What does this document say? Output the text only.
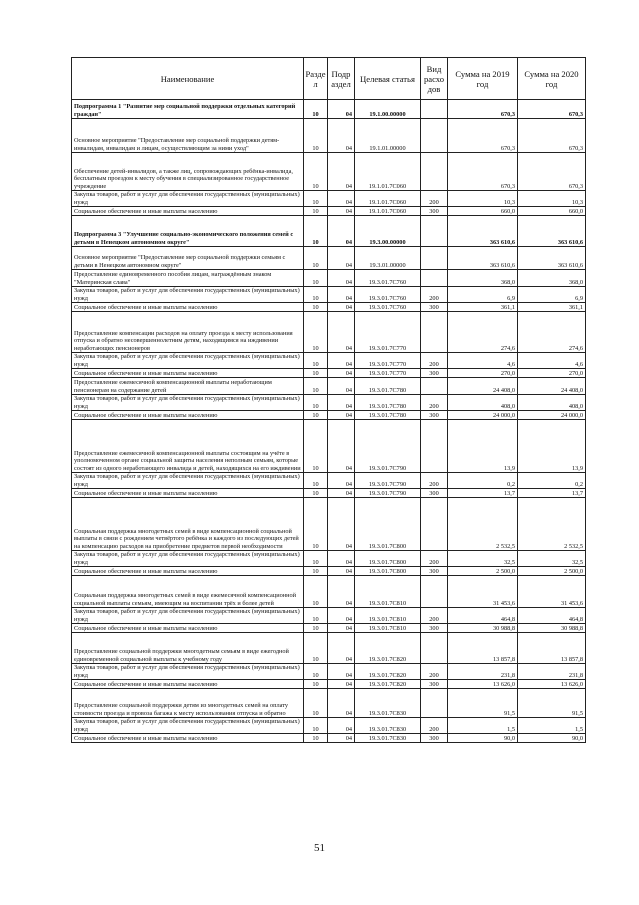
Наименование	Разде л	Подр аздел	Целевая статья	Вид расхо дов	Сумма на 2019 год	Сумма на 2020 год
Подпрограмма 1 "Развитие мер социальной поддержки отдельных категорий граждан"	10	04	19.1.00.00000		670,3	670,3
Основное мероприятие "Предоставление мер социальной поддержки детям-инвалидам, инвалидам и лицам, осуществляющим за ними уход"	10	04	19.1.01.00000		670,3	670,3
Обеспечение детей-инвалидов, а также лиц, сопровождающих ребёнка-инвалида, бесплатным проездом к месту обучения в специализированное государственное учреждение	10	04	19.1.01.7С060		670,3	670,3
Закупка товаров, работ и услуг для обеспечения государственных (муниципальных) нужд	10	04	19.1.01.7С060	200	10,3	10,3
Социальное обеспечение и иные выплаты населению	10	04	19.1.01.7С060	300	660,0	660,0
Подпрограмма 3 "Улучшение социально-экономического положения семей с детьми в Ненецком автономном округе"	10	04	19.3.00.00000		363 610,6	363 610,6
Основное мероприятие "Предоставление мер социальной поддержки семьям с детьми в Ненецком автономном округе"	10	04	19.3.01.00000		363 610,6	363 610,6
Предоставление единовременного пособия лицам, награждённым знаком "Материнская слава"	10	04	19.3.01.7С760		368,0	368,0
Закупка товаров, работ и услуг для обеспечения государственных (муниципальных) нужд	10	04	19.3.01.7С760	200	6,9	6,9
Социальное обеспечение и иные выплаты населению	10	04	19.3.01.7С760	300	361,1	361,1
Предоставление компенсации расходов на оплату проезда к месту использования отпуска и обратно несовершеннолетним детям, находящимся на иждивении неработающих пенсионеров	10	04	19.3.01.7С770		274,6	274,6
Закупка товаров, работ и услуг для обеспечения государственных (муниципальных) нужд	10	04	19.3.01.7С770	200	4,6	4,6
Социальное обеспечение и иные выплаты населению	10	04	19.3.01.7С770	300	270,0	270,0
Предоставление ежемесячной компенсационной выплаты неработающим пенсионерам на содержание детей	10	04	19.3.01.7С780		24 408,0	24 408,0
Закупка товаров, работ и услуг для обеспечения государственных (муниципальных) нужд	10	04	19.3.01.7С780	200	408,0	408,0
Социальное обеспечение и иные выплаты населению	10	04	19.3.01.7С780	300	24 000,0	24 000,0
Предоставление ежемесячной компенсационной выплаты состоящим на учёте в уполномоченном органе социальной защиты населения неполным семьям, которые состоят из одного неработающего инвалида и детей, находящихся на его иждивении	10	04	19.3.01.7С790		13,9	13,9
Закупка товаров, работ и услуг для обеспечения государственных (муниципальных) нужд	10	04	19.3.01.7С790	200	0,2	0,2
Социальное обеспечение и иные выплаты населению	10	04	19.3.01.7С790	300	13,7	13,7
Социальная поддержка многодетных семей в виде компенсационной социальной выплаты в связи с рождением четвёртого ребёнка и каждого из последующих детей на компенсацию расходов на приобретение предметов первой необходимости	10	04	19.3.01.7С800		2 532,5	2 532,5
Закупка товаров, работ и услуг для обеспечения государственных (муниципальных) нужд	10	04	19.3.01.7С800	200	32,5	32,5
Социальное обеспечение и иные выплаты населению	10	04	19.3.01.7С800	300	2 500,0	2 500,0
Социальная поддержка многодетных семей в виде ежемесячной компенсационной социальной выплаты семьям, имеющим на воспитании трёх и более детей	10	04	19.3.01.7С810		31 453,6	31 453,6
Закупка товаров, работ и услуг для обеспечения государственных (муниципальных) нужд	10	04	19.3.01.7С810	200	464,8	464,8
Социальное обеспечение и иные выплаты населению	10	04	19.3.01.7С810	300	30 988,8	30 988,8
Предоставление социальной поддержки многодетным семьям в виде ежегодной единовременной социальной выплаты к учебному году	10	04	19.3.01.7С820		13 857,8	13 857,8
Закупка товаров, работ и услуг для обеспечения государственных (муниципальных) нужд	10	04	19.3.01.7С820	200	231,8	231,8
Социальное обеспечение и иные выплаты населению	10	04	19.3.01.7С820	300	13 626,0	13 626,0
Предоставление социальной поддержки детям из многодетных семей на оплату стоимости проезда и провоза багажа к месту использования отпуска и обратно	10	04	19.3.01.7С830		91,5	91,5
Закупка товаров, работ и услуг для обеспечения государственных (муниципальных) нужд	10	04	19.3.01.7С830	200	1,5	1,5
Социальное обеспечение и иные выплаты населению	10	04	19.3.01.7С830	300	90,0	90,0
51
